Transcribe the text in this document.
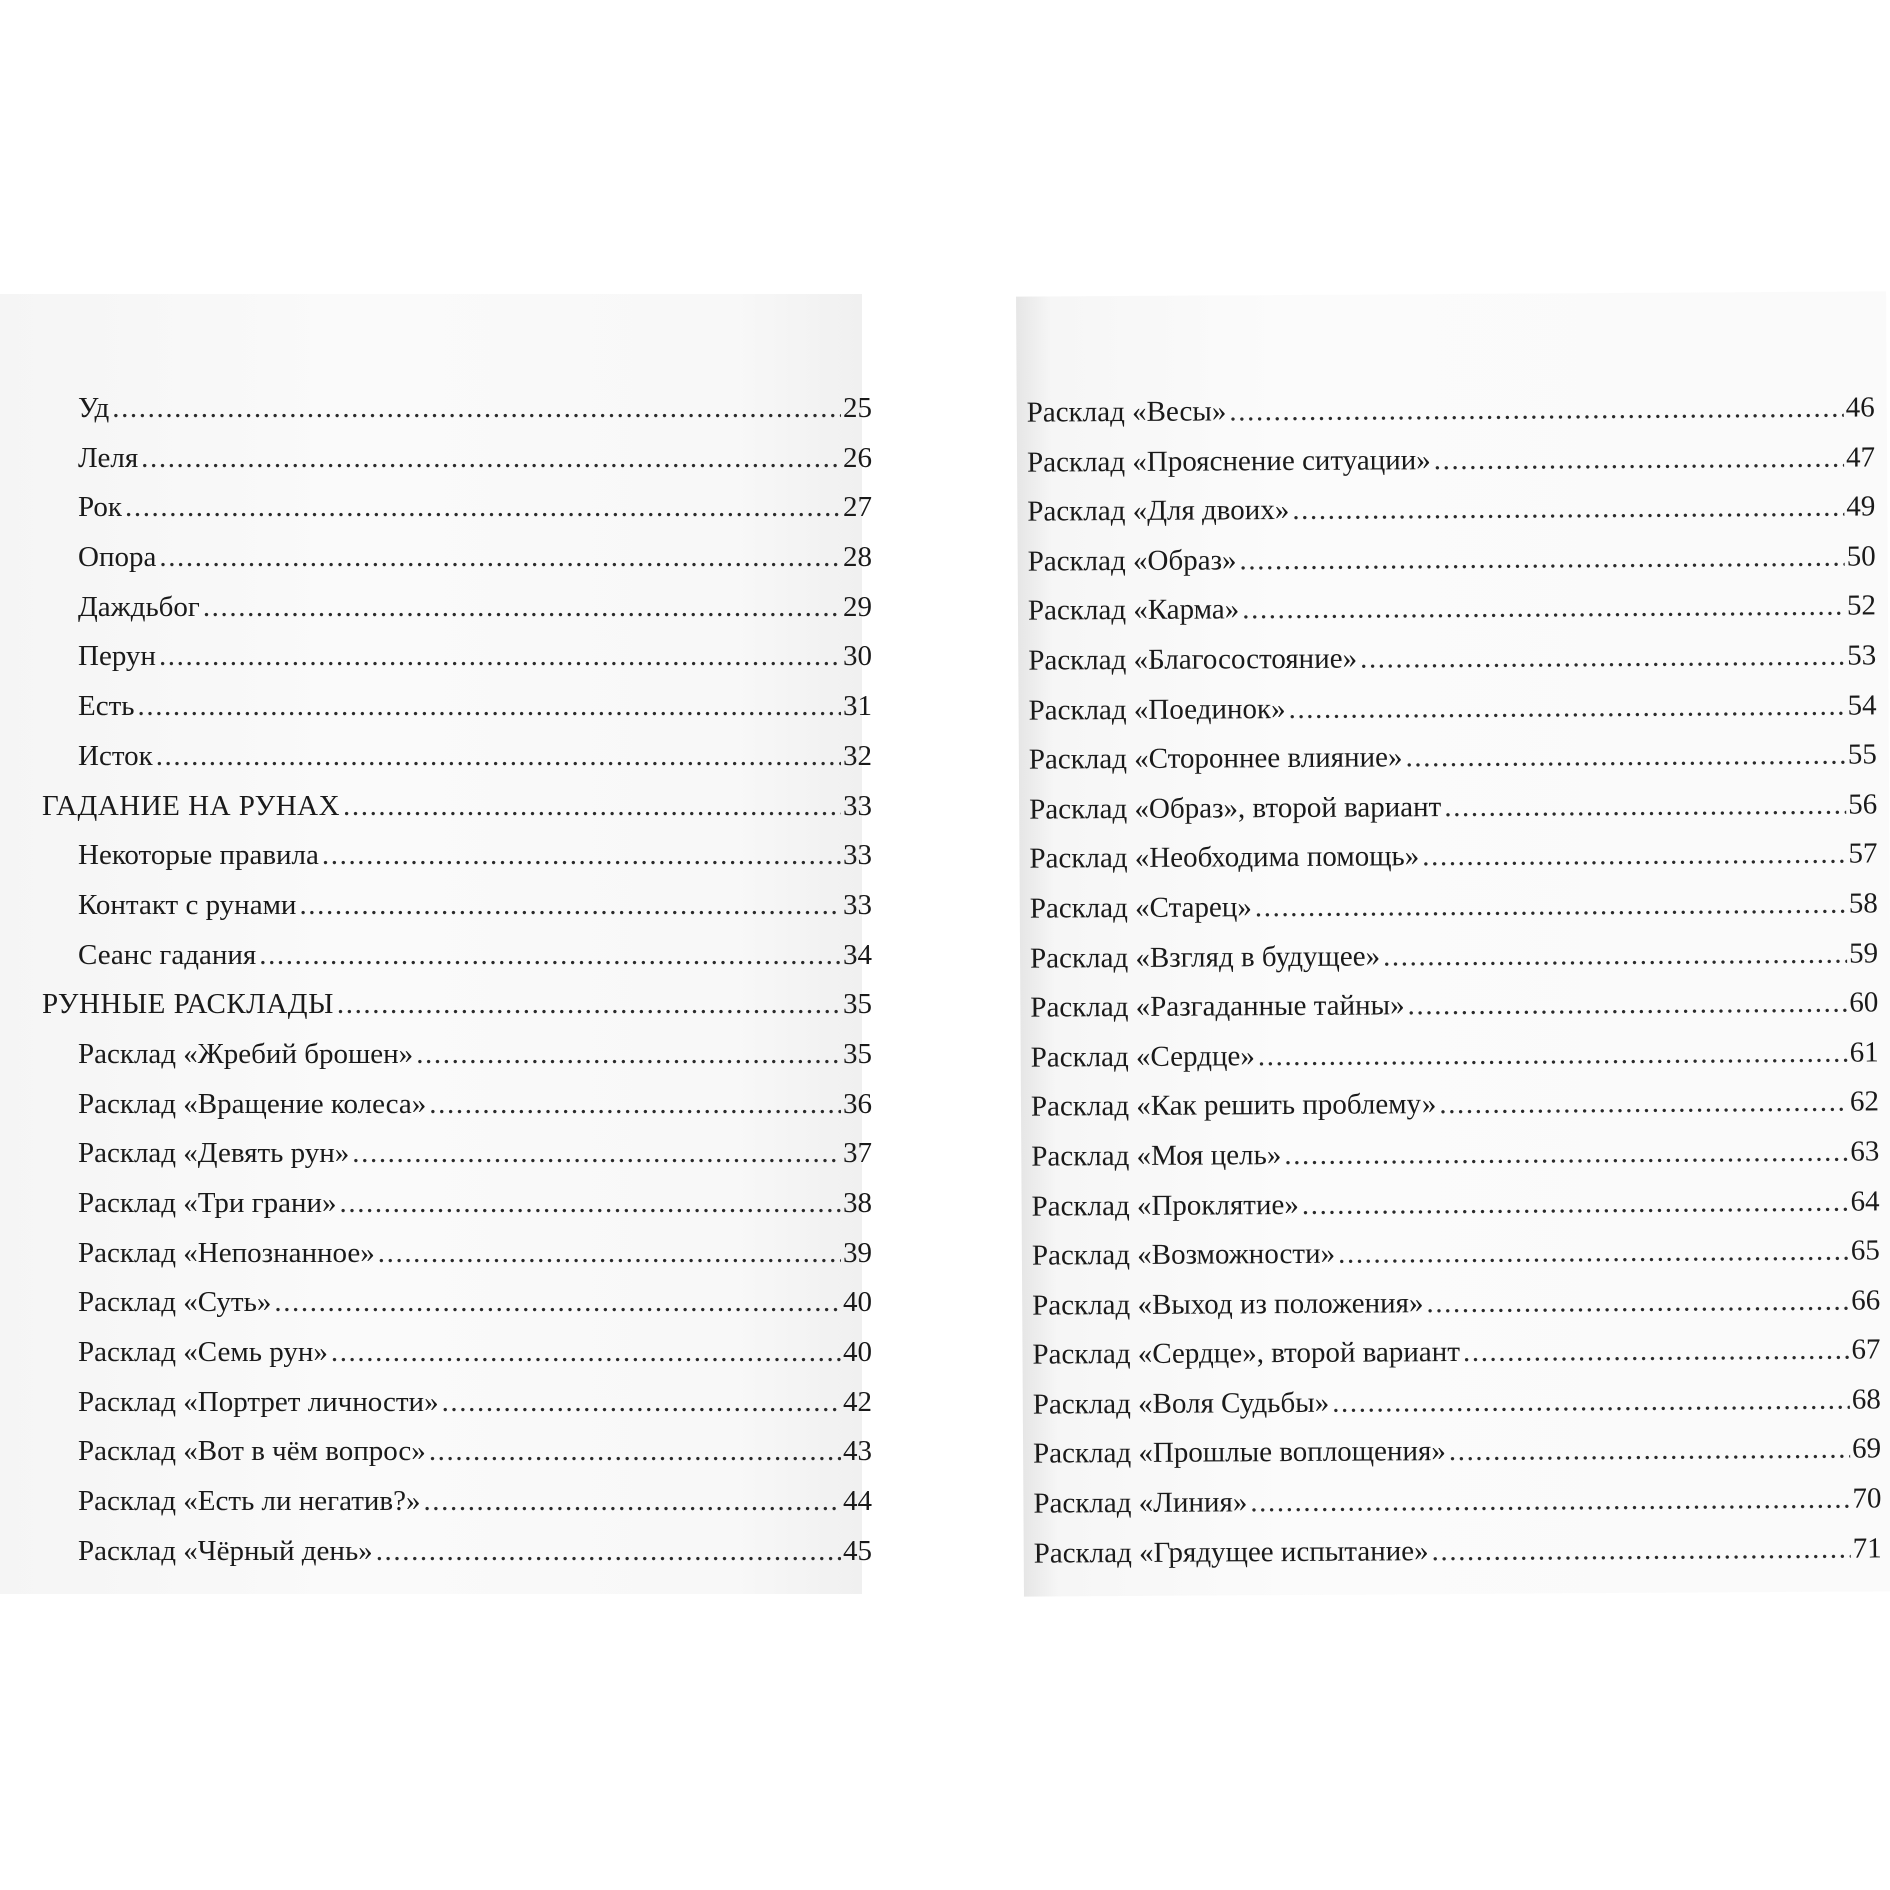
Уд .....	25
Леля .....	26
Рок .....	27
Опора .....	28
Даждьбог .....	29
Перун .....	30
Есть .....	31
Исток .....	32
ГАДАНИЕ НА РУНАХ .....	33
Некоторые правила .....	33
Контакт с рунами .....	33
Сеанс гадания .....	34
РУННЫЕ РАСКЛАДЫ .....	35
Расклад «Жребий брошен» .....	35
Расклад «Вращение колеса» .....	36
Расклад «Девять рун» .....	37
Расклад «Три грани» .....	38
Расклад «Непознанное» .....	39
Расклад «Суть» .....	40
Расклад «Семь рун» .....	40
Расклад «Портрет личности» .....	42
Расклад «Вот в чём вопрос» .....	43
Расклад «Есть ли негатив?» .....	44
Расклад «Чёрный день» .....	45
Расклад «Весы» .....	46
Расклад «Прояснение ситуации» .....	47
Расклад «Для двоих» .....	49
Расклад «Образ» .....	50
Расклад «Карма» .....	52
Расклад «Благосостояние» .....	53
Расклад «Поединок» .....	54
Расклад «Стороннее влияние» .....	55
Расклад «Образ», второй вариант .....	56
Расклад «Необходима помощь» .....	57
Расклад «Старец» .....	58
Расклад «Взгляд в будущее» .....	59
Расклад «Разгаданные тайны» .....	60
Расклад «Сердце» .....	61
Расклад «Как решить проблему» .....	62
Расклад «Моя цель» .....	63
Расклад «Проклятие» .....	64
Расклад «Возможности» .....	65
Расклад «Выход из положения» .....	66
Расклад «Сердце», второй вариант .....	67
Расклад «Воля Судьбы» .....	68
Расклад «Прошлые воплощения» .....	69
Расклад «Линия» .....	70
Расклад «Грядущее испытание» .....	71
